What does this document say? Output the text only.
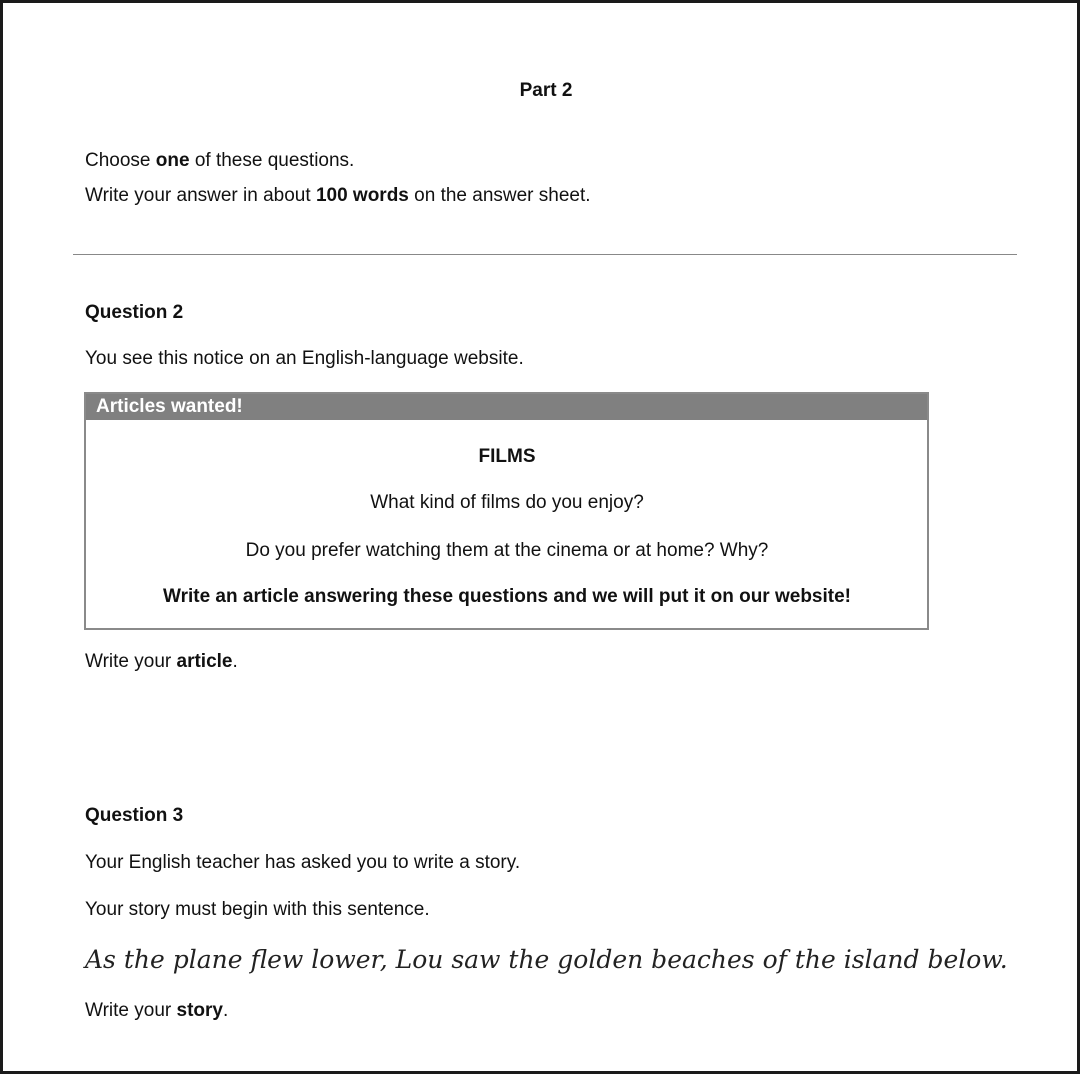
Part 2
Choose one of these questions.
Write your answer in about 100 words on the answer sheet.
Question 2
You see this notice on an English-language website.
Articles wanted!
FILMS
What kind of films do you enjoy?
Do you prefer watching them at the cinema or at home? Why?
Write an article answering these questions and we will put it on our website!
Write your article.
Question 3
Your English teacher has asked you to write a story.
Your story must begin with this sentence.
As the plane flew lower, Lou saw the golden beaches of the island below.
Write your story.
